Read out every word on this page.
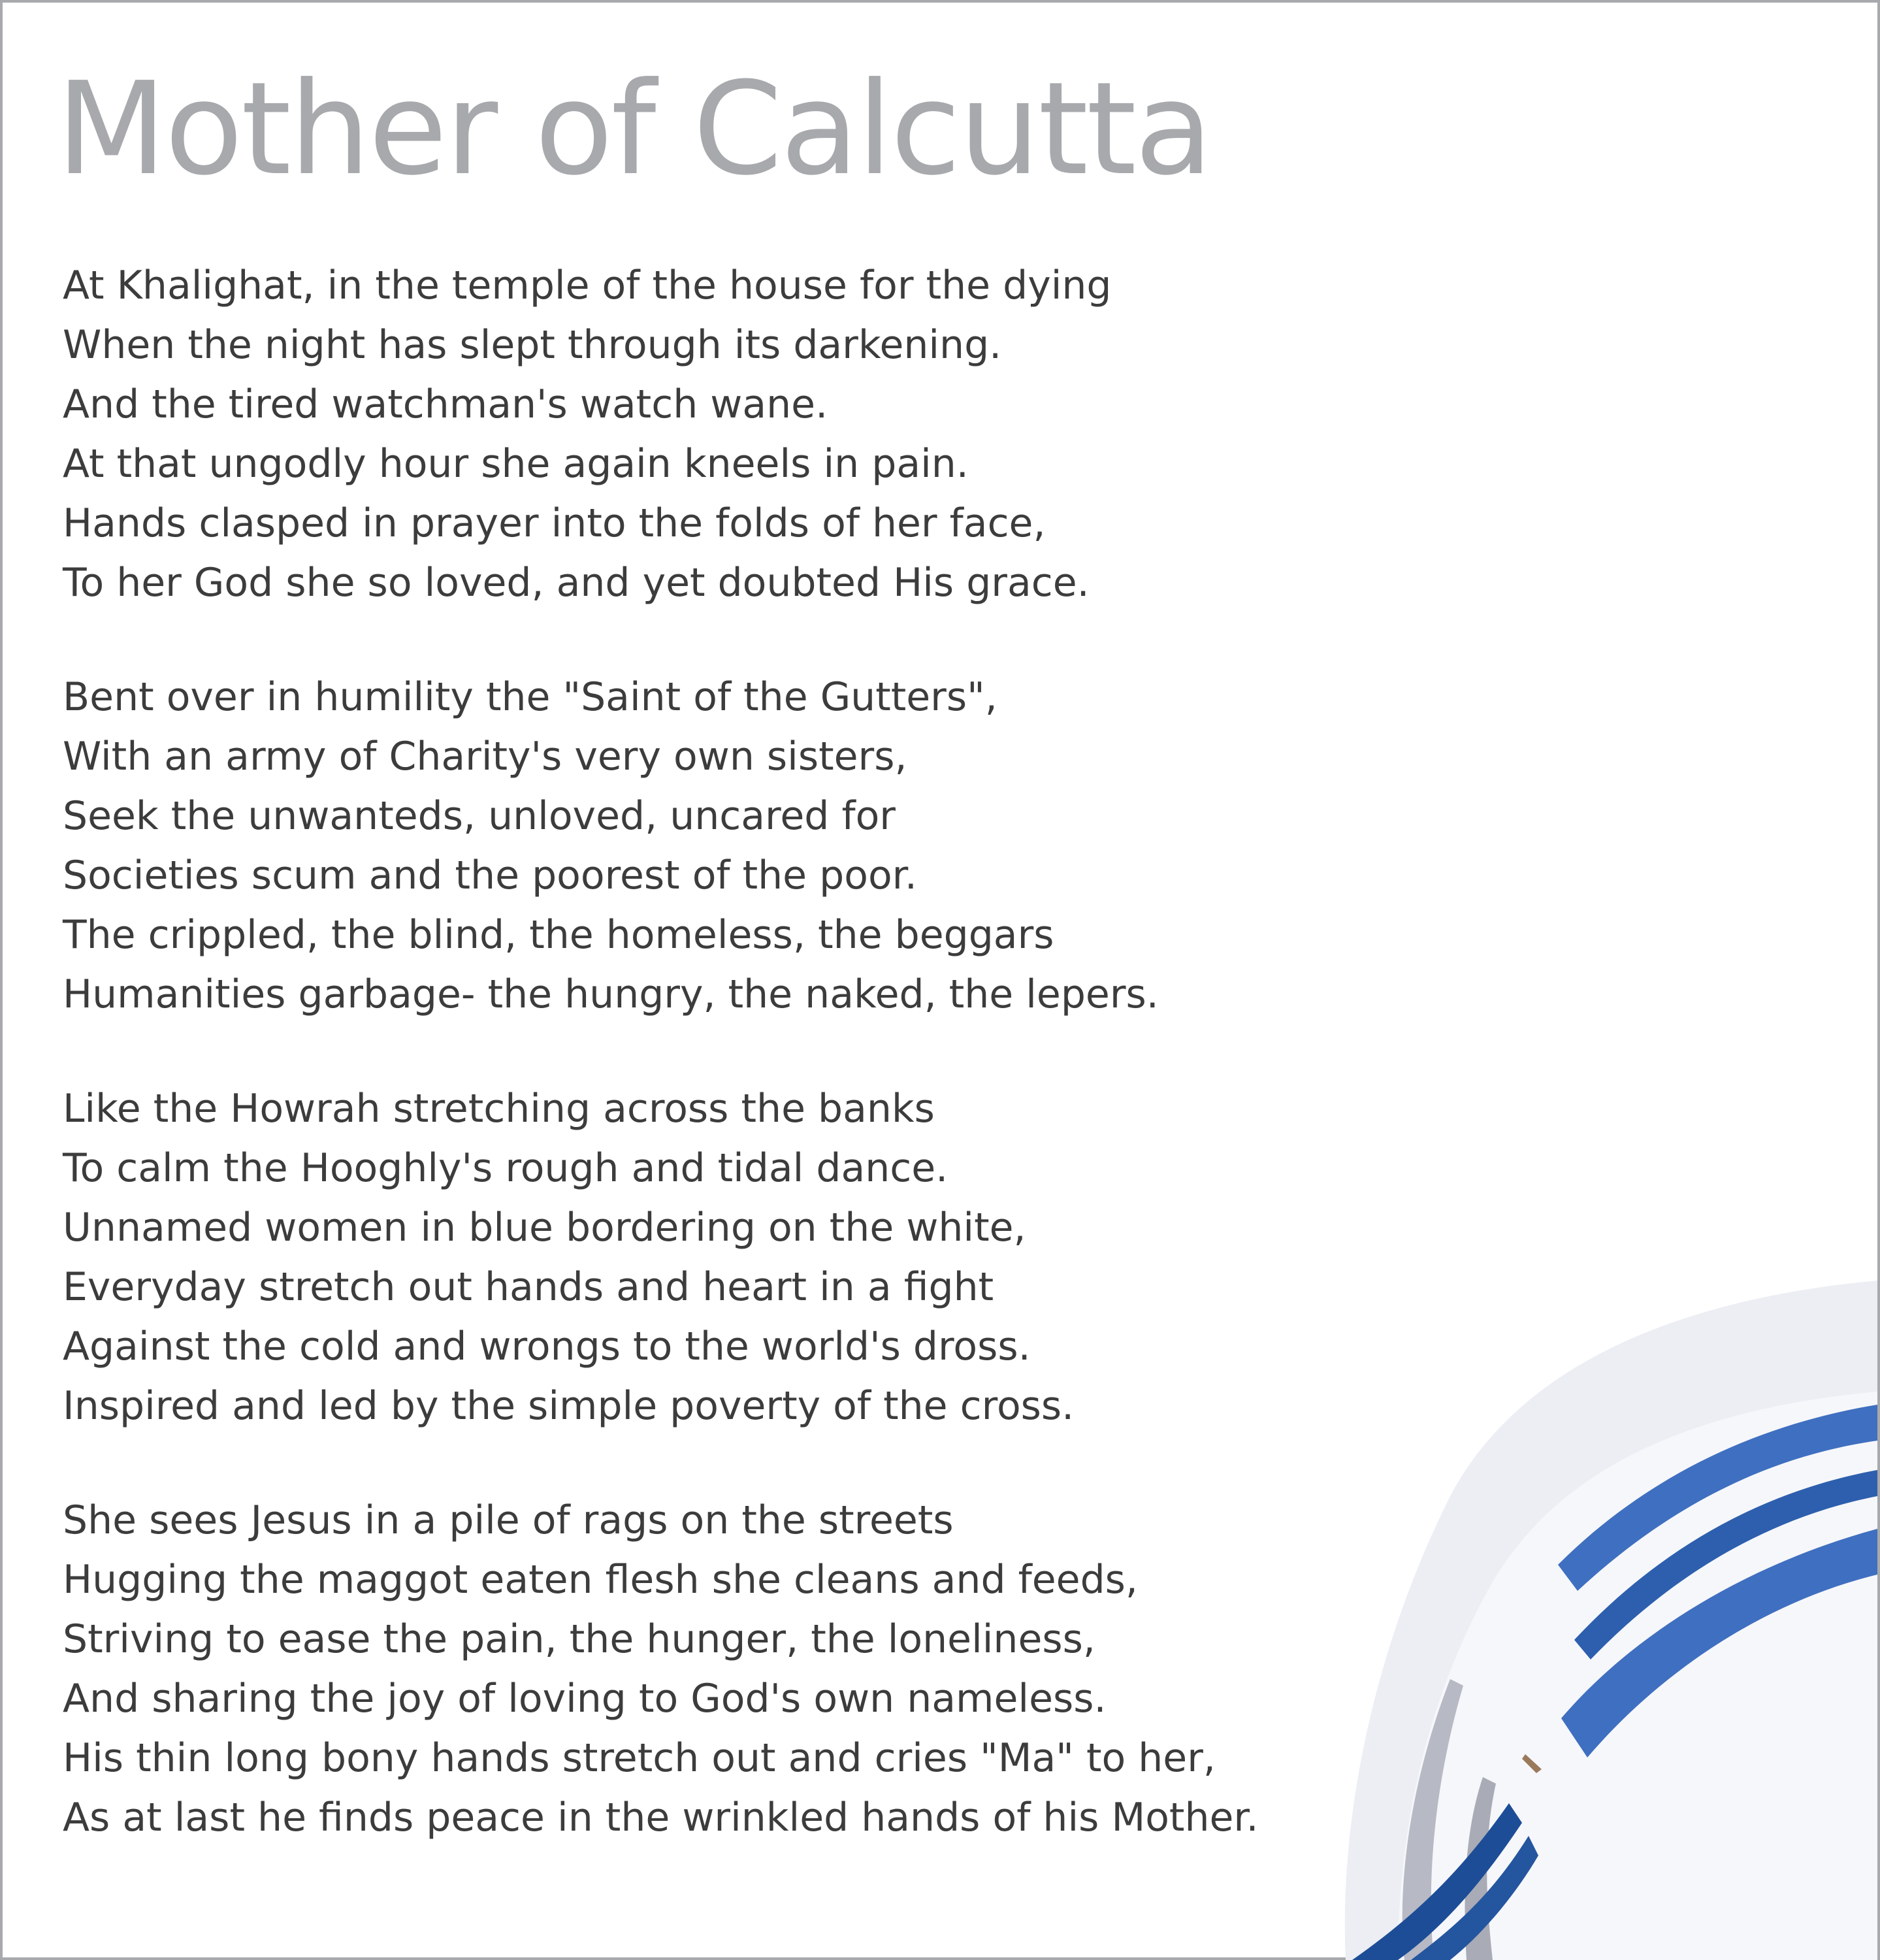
Mother of Calcutta
At Khalighat, in the temple of the house for the dying
When the night has slept through its darkening.
And the tired watchman's watch wane.
At that ungodly hour she again kneels in pain.
Hands clasped in prayer into the folds of her face,
To her God she so loved, and yet doubted His grace.
Bent over in humility the "Saint of the Gutters",
With an army of Charity's very own sisters,
Seek the unwanteds, unloved, uncared for
Societies scum and the poorest of the poor.
The crippled, the blind, the homeless, the beggars
Humanities garbage- the hungry, the naked, the lepers.
Like the Howrah stretching across the banks
To calm the Hooghly's rough and tidal dance.
Unnamed women in blue bordering on the white,
Everyday stretch out hands and heart in a fight
Against the cold and wrongs to the world's dross.
Inspired and led by the simple poverty of the cross.
She sees Jesus in a pile of rags on the streets
Hugging the maggot eaten flesh she cleans and feeds,
Striving to ease the pain, the hunger, the loneliness,
And sharing the joy of loving to God's own nameless.
His thin long bony hands stretch out and cries "Ma" to her,
As at last he finds peace in the wrinkled hands of his Mother.
